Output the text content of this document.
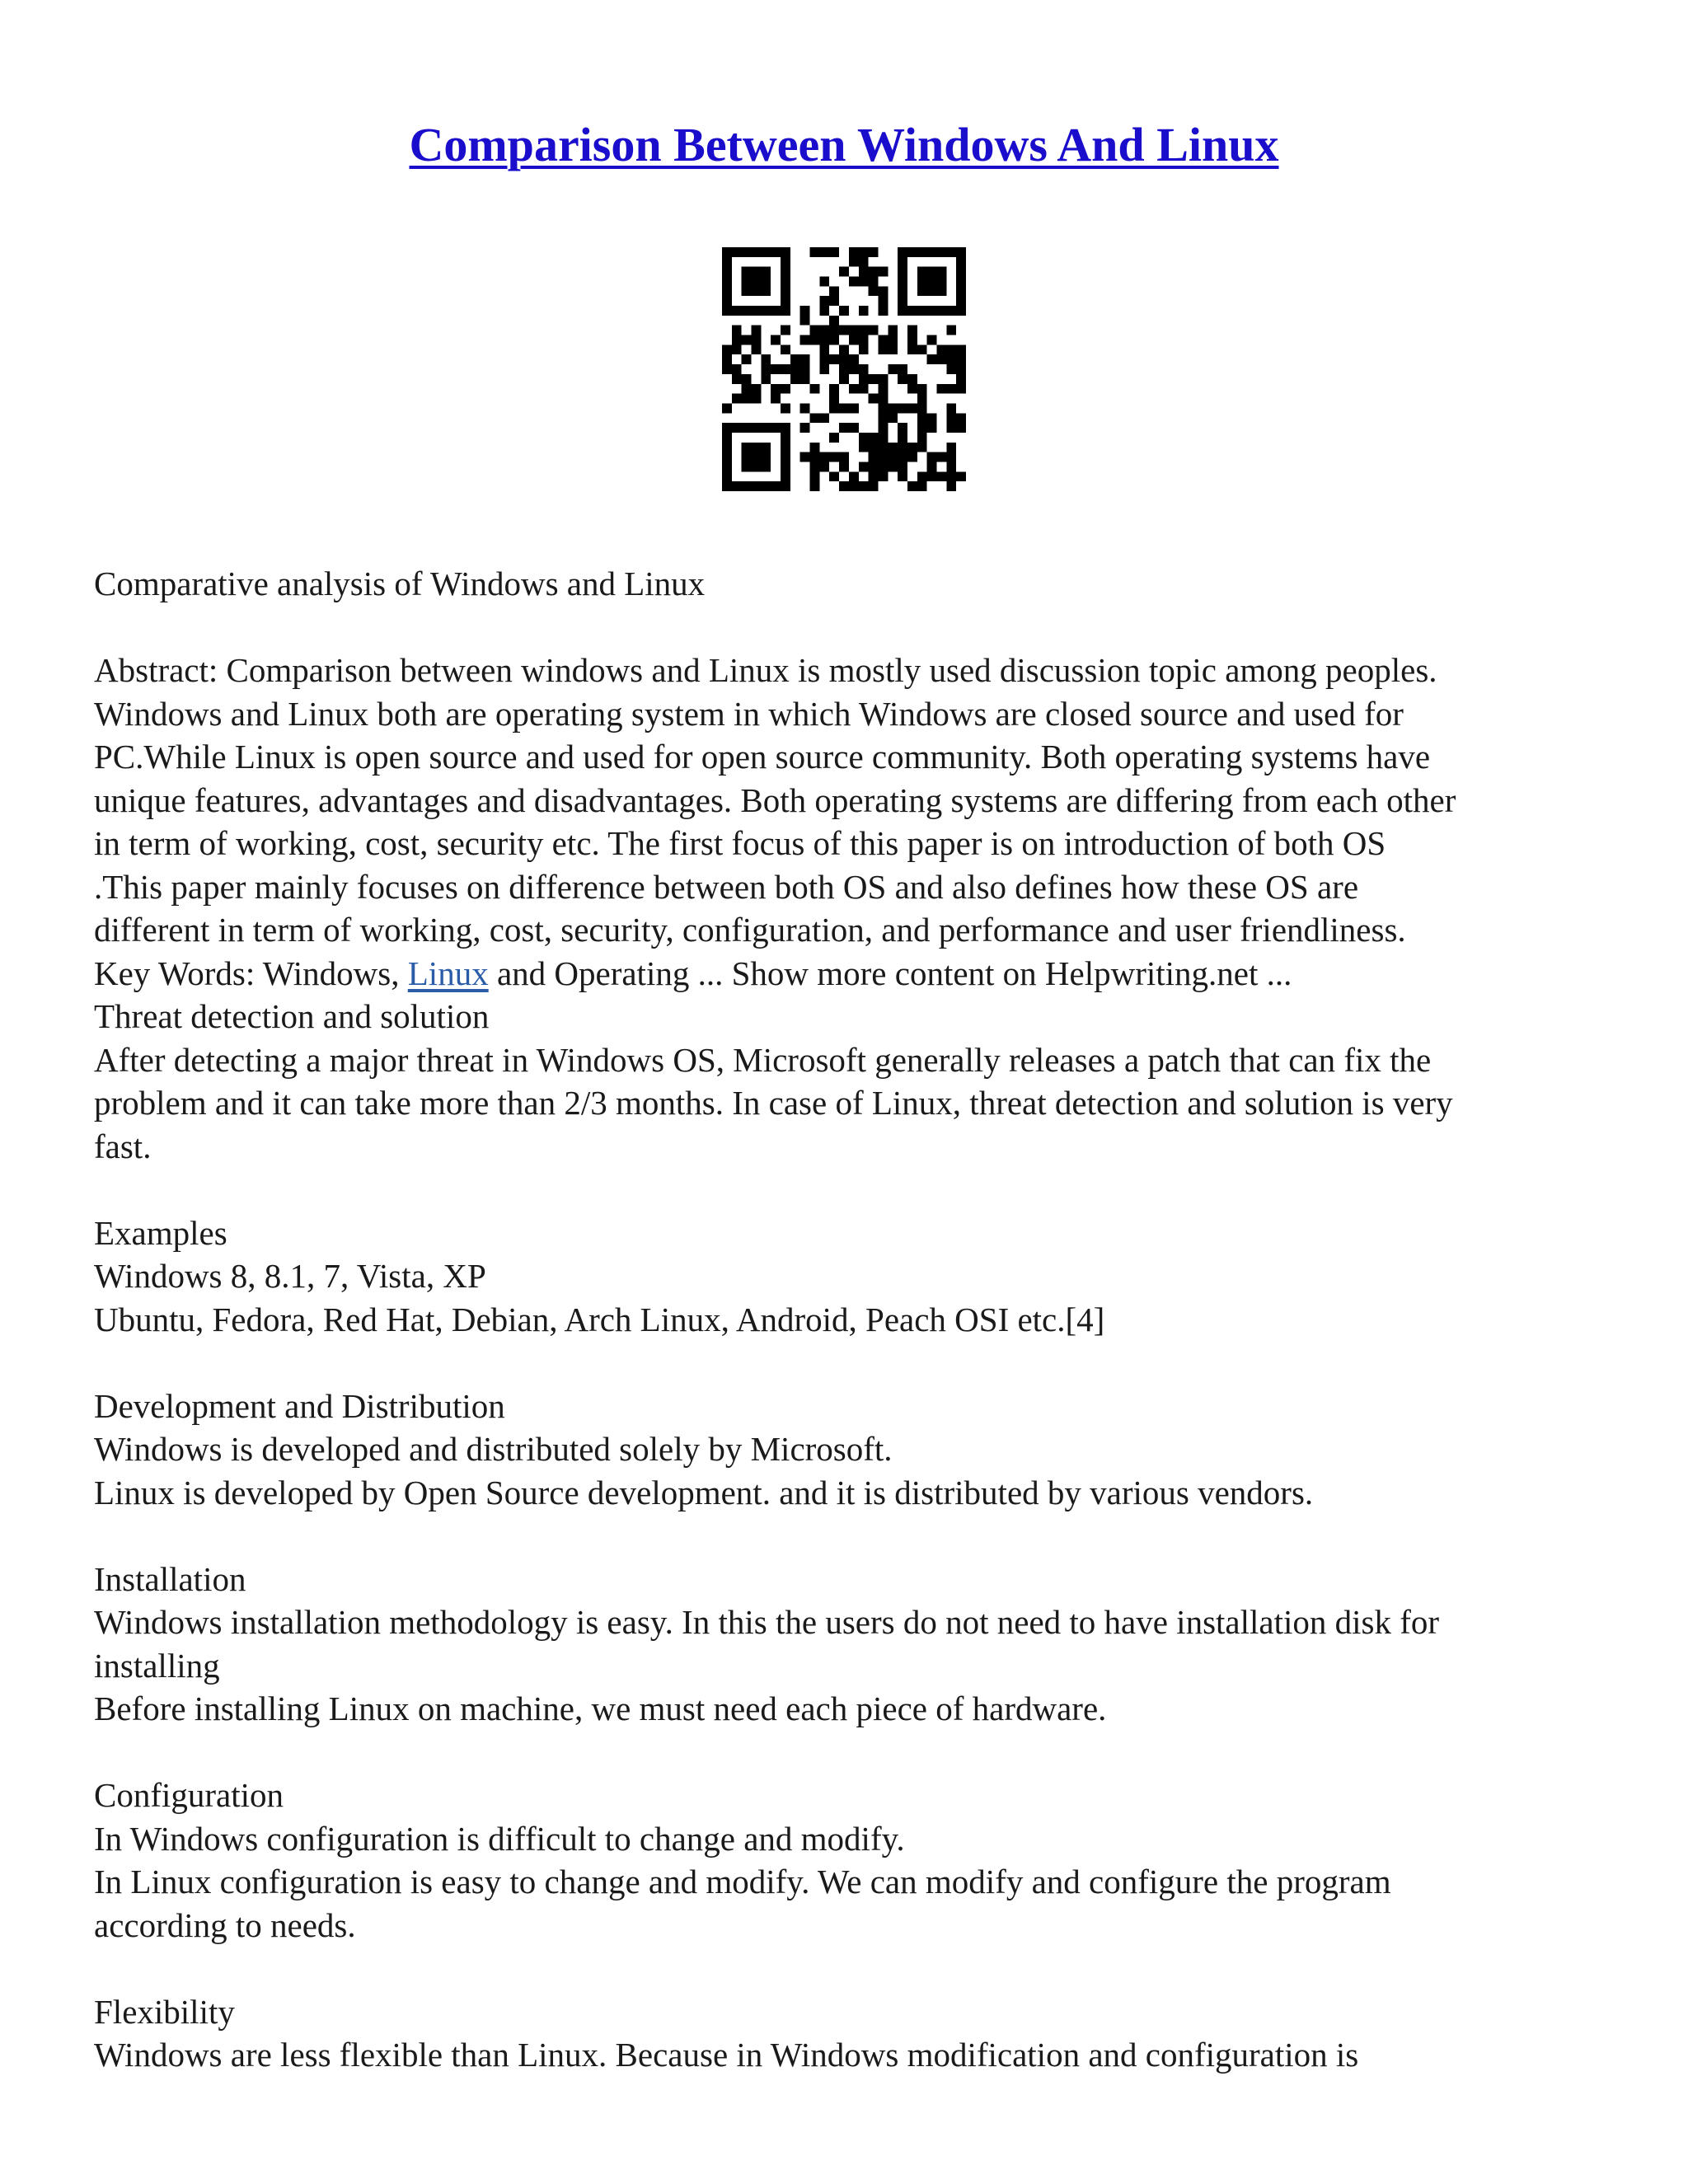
Comparison Between Windows And Linux
Comparative analysis of Windows and Linux
Abstract: Comparison between windows and Linux is mostly used discussion topic among peoples.
Windows and Linux both are operating system in which Windows are closed source and used for
PC.While Linux is open source and used for open source community. Both operating systems have
unique features, advantages and disadvantages. Both operating systems are differing from each other
in term of working, cost, security etc. The first focus of this paper is on introduction of both OS
.This paper mainly focuses on difference between both OS and also defines how these OS are
different in term of working, cost, security, configuration, and performance and user friendliness.
Key Words: Windows, Linux and Operating ... Show more content on Helpwriting.net ...
Threat detection and solution
After detecting a major threat in Windows OS, Microsoft generally releases a patch that can fix the
problem and it can take more than 2/3 months. In case of Linux, threat detection and solution is very
fast.
Examples
Windows 8, 8.1, 7, Vista, XP
Ubuntu, Fedora, Red Hat, Debian, Arch Linux, Android, Peach OSI etc.[4]
Development and Distribution
Windows is developed and distributed solely by Microsoft.
Linux is developed by Open Source development. and it is distributed by various vendors.
Installation
Windows installation methodology is easy. In this the users do not need to have installation disk for
installing
Before installing Linux on machine, we must need each piece of hardware.
Configuration
In Windows configuration is difficult to change and modify.
In Linux configuration is easy to change and modify. We can modify and configure the program
according to needs.
Flexibility
Windows are less flexible than Linux. Because in Windows modification and configuration is
